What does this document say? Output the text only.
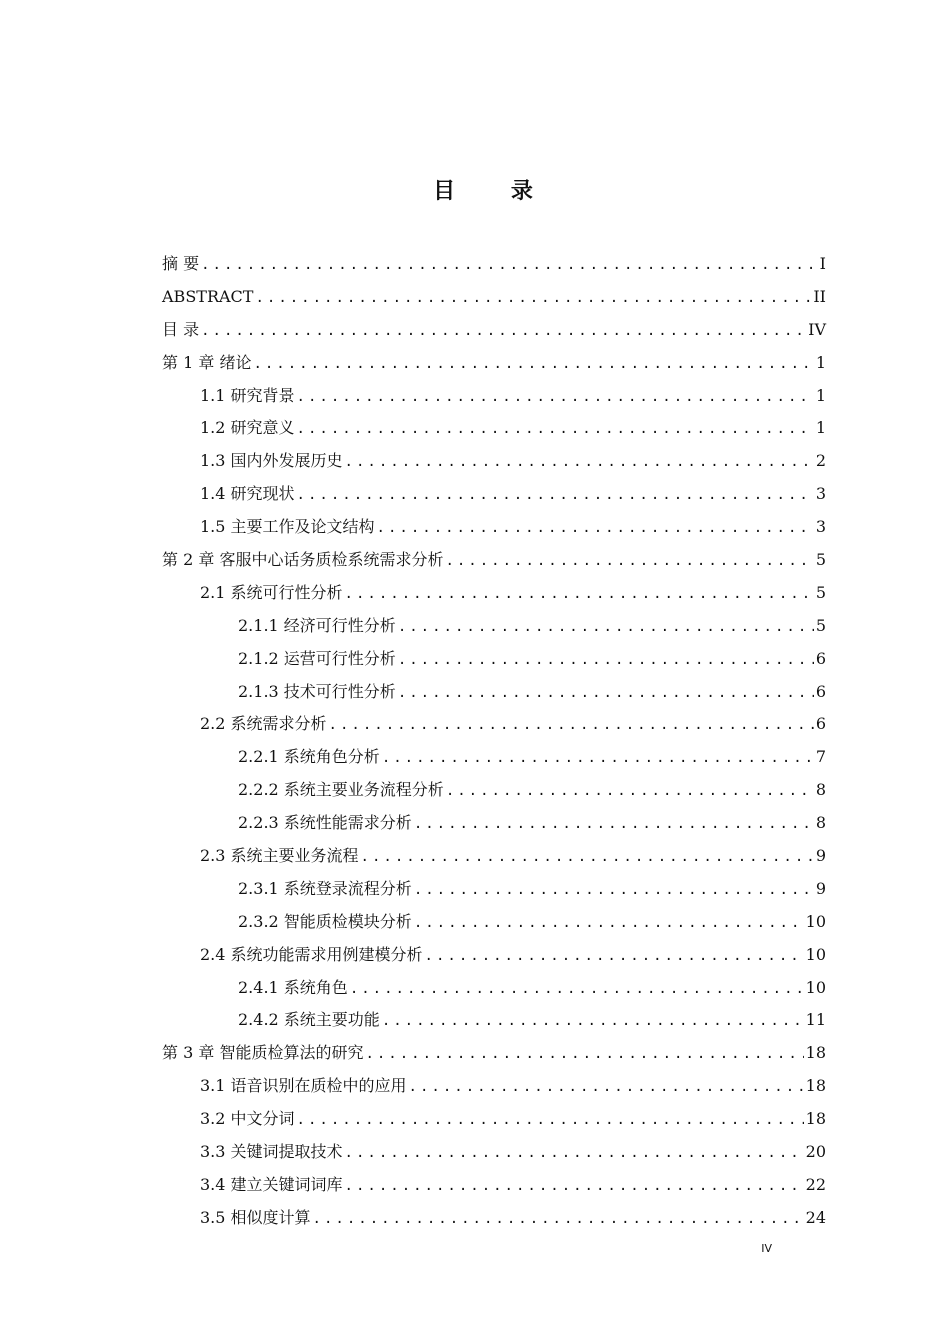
目 录
摘 要 .....	I
ABSTRACT .....	II
目 录 .....	IV
第 1 章 绪论 .....	1
1.1 研究背景 .....	1
1.2 研究意义 .....	1
1.3 国内外发展历史 .....	2
1.4 研究现状 .....	3
1.5 主要工作及论文结构 .....	3
第 2 章 客服中心话务质检系统需求分析 .....	5
2.1 系统可行性分析 .....	5
2.1.1 经济可行性分析 .....	5
2.1.2 运营可行性分析 .....	6
2.1.3 技术可行性分析 .....	6
2.2 系统需求分析 .....	6
2.2.1 系统角色分析 .....	7
2.2.2 系统主要业务流程分析 .....	8
2.2.3 系统性能需求分析 .....	8
2.3 系统主要业务流程 .....	9
2.3.1 系统登录流程分析 .....	9
2.3.2 智能质检模块分析 .....	10
2.4 系统功能需求用例建模分析 .....	10
2.4.1 系统角色 .....	10
2.4.2 系统主要功能 .....	11
第 3 章 智能质检算法的研究 .....	18
3.1 语音识别在质检中的应用 .....	18
3.2 中文分词 .....	18
3.3 关键词提取技术 .....	20
3.4 建立关键词词库 .....	22
3.5 相似度计算 .....	24
IV
